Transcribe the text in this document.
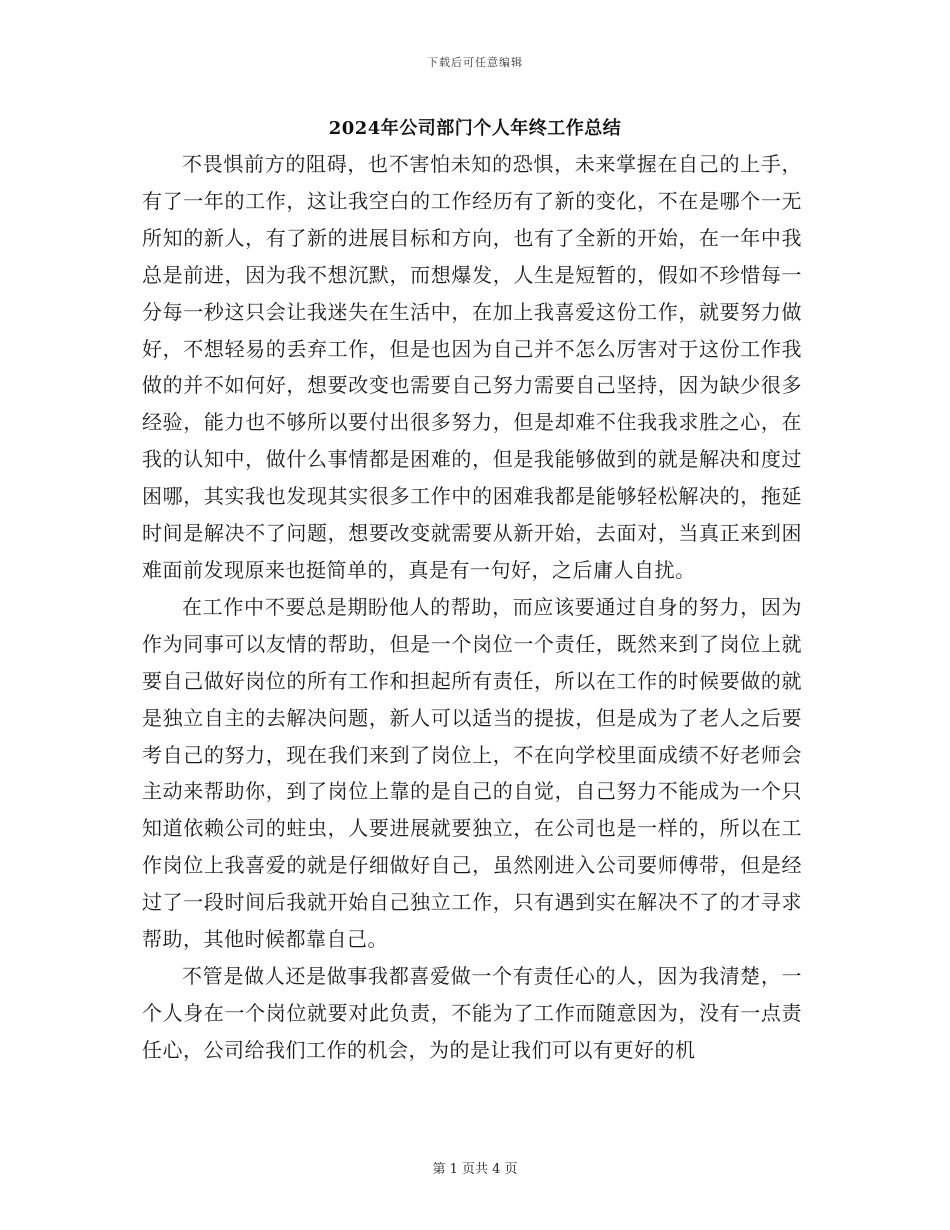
下载后可任意编辑
2024年公司部门个人年终工作总结

不畏惧前方的阻碍，也不害怕未知的恐惧，未来掌握在自己的上手，有了一年的工作，这让我空白的工作经历有了新的变化，不在是哪个一无所知的新人，有了新的进展目标和方向，也有了全新的开始，在一年中我总是前进，因为我不想沉默，而想爆发，人生是短暂的，假如不珍惜每一分每一秒这只会让我迷失在生活中，在加上我喜爱这份工作，就要努力做好，不想轻易的丢弃工作，但是也因为自己并不怎么厉害对于这份工作我做的并不如何好，想要改变也需要自己努力需要自己坚持，因为缺少很多经验，能力也不够所以要付出很多努力，但是却难不住我我求胜之心，在我的认知中，做什么事情都是困难的，但是我能够做到的就是解决和度过困哪，其实我也发现其实很多工作中的困难我都是能够轻松解决的，拖延时间是解决不了问题，想要改变就需要从新开始，去面对，当真正来到困难面前发现原来也挺简单的，真是有一句好，之后庸人自扰。

在工作中不要总是期盼他人的帮助，而应该要通过自身的努力，因为作为同事可以友情的帮助，但是一个岗位一个责任，既然来到了岗位上就要自己做好岗位的所有工作和担起所有责任，所以在工作的时候要做的就是独立自主的去解决问题，新人可以适当的提拔，但是成为了老人之后要考自己的努力，现在我们来到了岗位上，不在向学校里面成绩不好老师会主动来帮助你，到了岗位上靠的是自己的自觉，自己努力不能成为一个只知道依赖公司的蛀虫，人要进展就要独立，在公司也是一样的，所以在工作岗位上我喜爱的就是仔细做好自己，虽然刚进入公司要师傅带，但是经过了一段时间后我就开始自己独立工作，只有遇到实在解决不了的才寻求帮助，其他时候都靠自己。

不管是做人还是做事我都喜爱做一个有责任心的人，因为我清楚，一个人身在一个岗位就要对此负责，不能为了工作而随意因为，没有一点责任心，公司给我们工作的机会，为的是让我们可以有更好的机

第 1 页共 4 页
